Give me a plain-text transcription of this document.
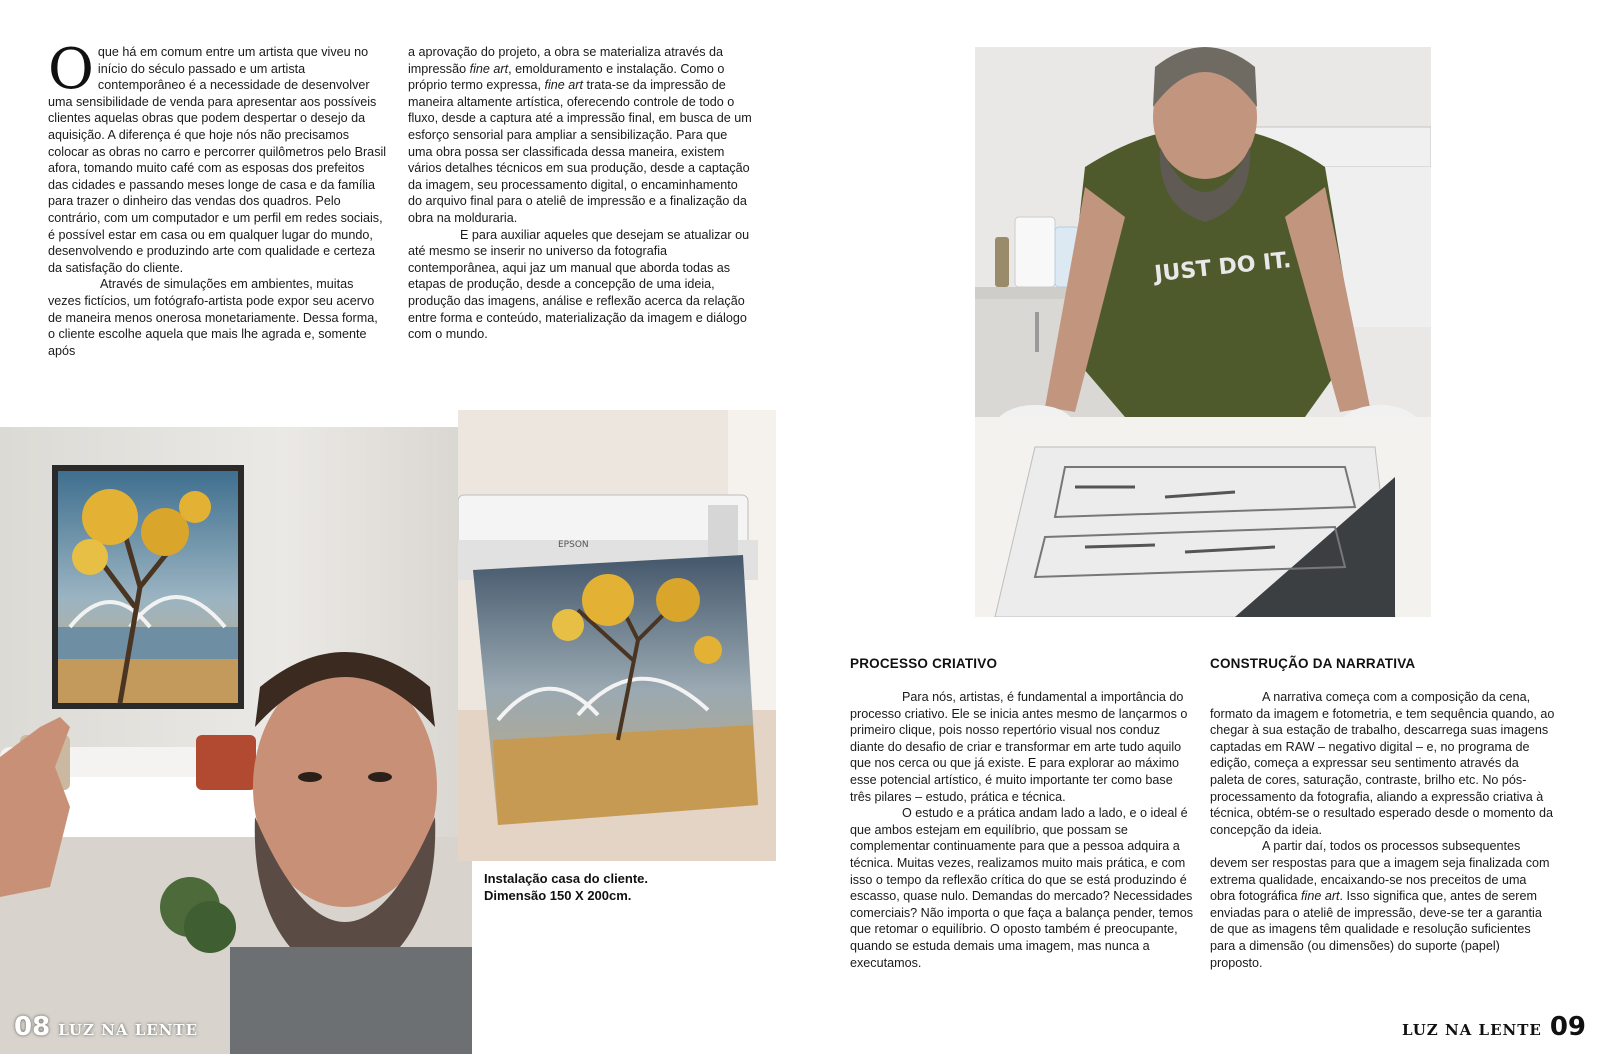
Oque há em comum entre um artista que viveu no início do século passado e um artista contemporâneo é a necessidade de desenvolver uma sensibilidade de venda para apresentar aos possíveis clientes aquelas obras que podem despertar o desejo da aquisição. A diferença é que hoje nós não precisamos colocar as obras no carro e percorrer quilômetros pelo Brasil afora, tomando muito café com as esposas dos prefeitos das cidades e passando meses longe de casa e da família para trazer o dinheiro das vendas dos quadros. Pelo contrário, com um computador e um perfil em redes sociais, é possível estar em casa ou em qualquer lugar do mundo, desenvolvendo e produzindo arte com qualidade e certeza da satisfação do cliente.

Através de simulações em ambientes, muitas vezes fictícios, um fotógrafo-artista pode expor seu acervo de maneira menos onerosa monetariamente. Dessa forma, o cliente escolhe aquela que mais lhe agrada e, somente após

a aprovação do projeto, a obra se materializa através da impressão fine art, emolduramento e instalação. Como o próprio termo expressa, fine art trata-se da impressão de maneira altamente artística, oferecendo controle de todo o fluxo, desde a captura até a impressão final, em busca de um esforço sensorial para ampliar a sensibilização. Para que uma obra possa ser classificada dessa maneira, existem vários detalhes técnicos em sua produção, desde a captação da imagem, seu processamento digital, o encaminhamento do arquivo final para o ateliê de impressão e a finalização da obra na molduraria.

E para auxiliar aqueles que desejam se atualizar ou até mesmo se inserir no universo da fotografia contemporânea, aqui jaz um manual que aborda todas as etapas de produção, desde a concepção de uma ideia, produção das imagens, análise e reflexão acerca da relação entre forma e conteúdo, materialização da imagem e diálogo com o mundo.

EPSON
Instalação casa do cliente.
Dimensão 150 X 200cm.
JUST DO IT.
PROCESSO CRIATIVO

Para nós, artistas, é fundamental a importância do processo criativo. Ele se inicia antes mesmo de lançarmos o primeiro clique, pois nosso repertório visual nos conduz diante do desafio de criar e transformar em arte tudo aquilo que nos cerca ou que já existe. E para explorar ao máximo esse potencial artístico, é muito importante ter como base três pilares – estudo, prática e técnica.

O estudo e a prática andam lado a lado, e o ideal é que ambos estejam em equilíbrio, que possam se complementar continuamente para que a pessoa adquira a técnica. Muitas vezes, realizamos muito mais prática, e com isso o tempo da reflexão crítica do que se está produzindo é escasso, quase nulo. Demandas do mercado? Necessidades comerciais? Não importa o que faça a balança pender, temos que retomar o equilíbrio. O oposto também é preocupante, quando se estuda demais uma imagem, mas nunca a executamos.

CONSTRUÇÃO DA NARRATIVA

A narrativa começa com a composição da cena, formato da imagem e fotometria, e tem sequência quando, ao chegar à sua estação de trabalho, descarrega suas imagens captadas em RAW – negativo digital – e, no programa de edição, começa a expressar seu sentimento através da paleta de cores, saturação, contraste, brilho etc. No pós-processamento da fotografia, aliando a expressão criativa à técnica, obtém-se o resultado esperado desde o momento da concepção da ideia.

A partir daí, todos os processos subsequentes devem ser respostas para que a imagem seja finalizada com extrema qualidade, encaixando-se nos preceitos de uma obra fotográfica fine art. Isso significa que, antes de serem enviadas para o ateliê de impressão, deve-se ter a garantia de que as imagens têm qualidade e resolução suficientes para a dimensão (ou dimensões) do suporte (papel) proposto.

08 LUZ NA LENTE	LUZ NA LENTE 09
